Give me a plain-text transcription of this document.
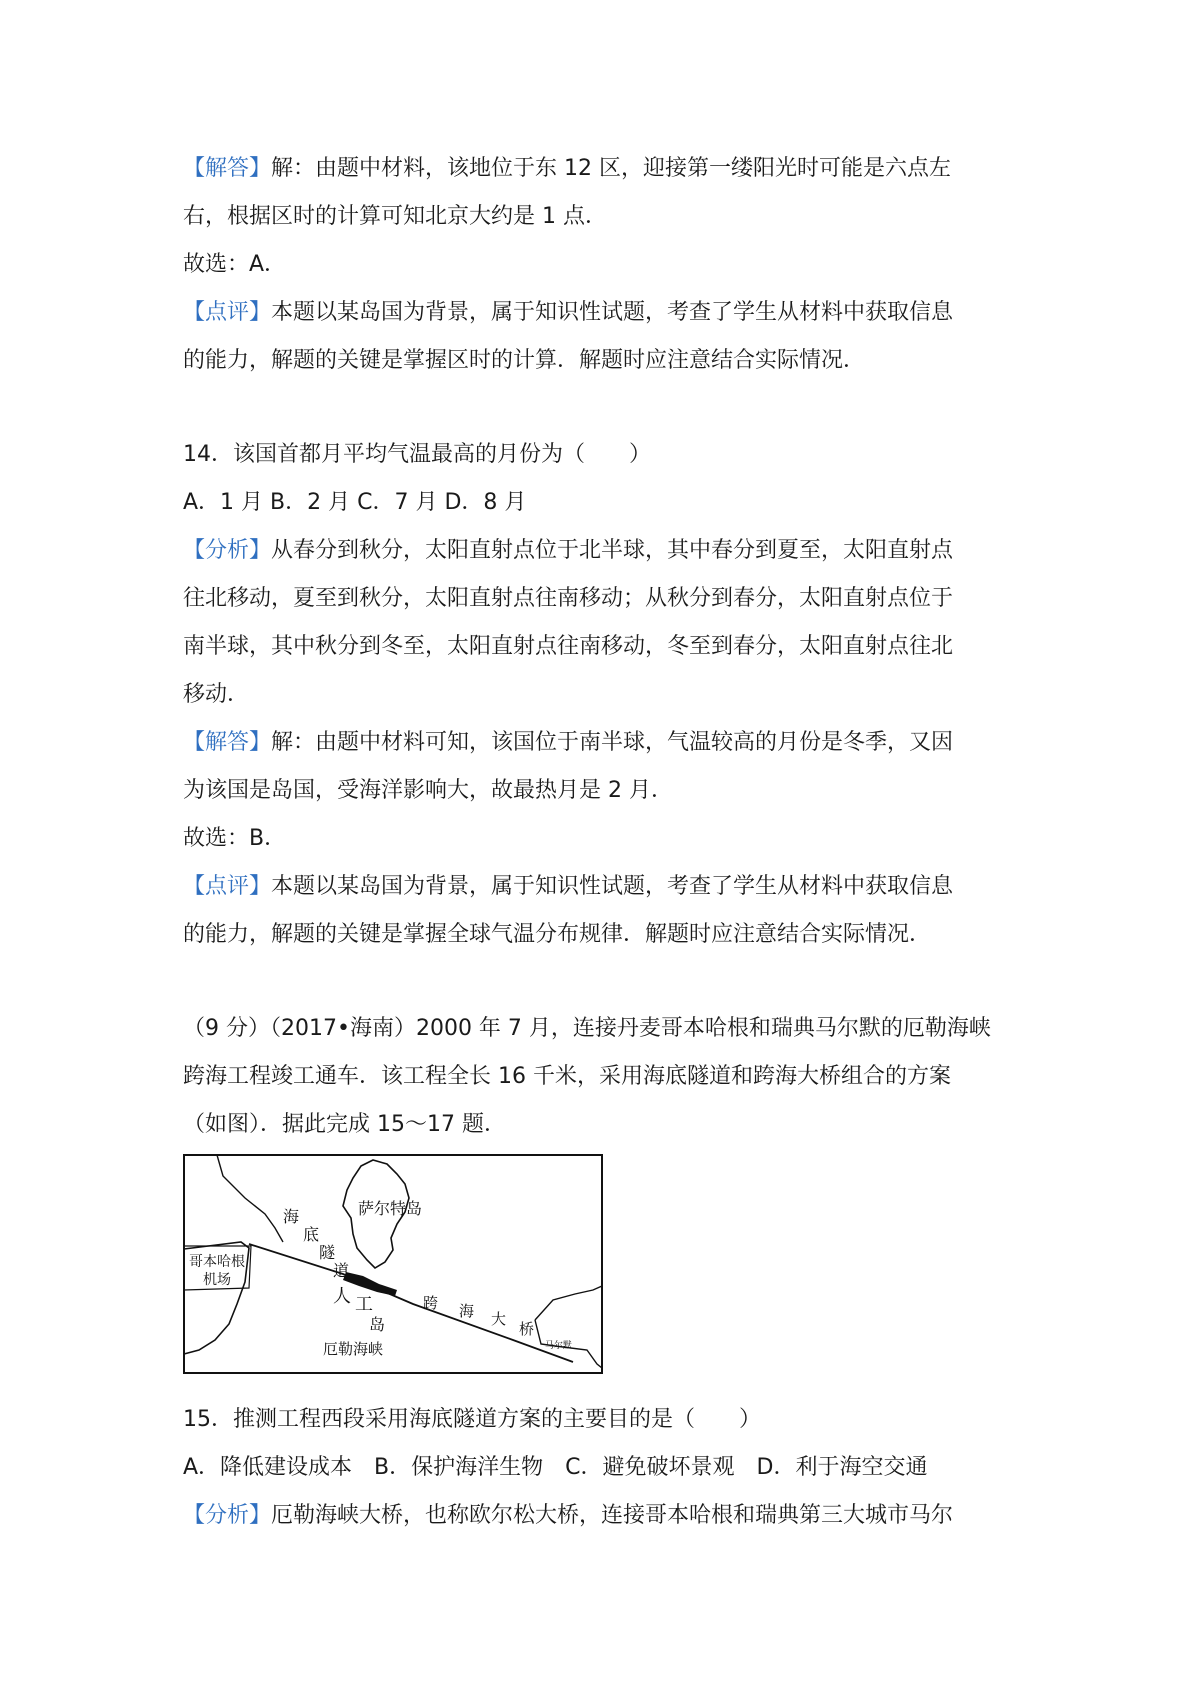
【解答】解：由题中材料，该地位于东 12 区，迎接第一缕阳光时可能是六点左
右，根据区时的计算可知北京大约是 1 点．
故选：A．
【点评】本题以某岛国为背景，属于知识性试题，考查了学生从材料中获取信息
的能力，解题的关键是掌握区时的计算．解题时应注意结合实际情况．
14．该国首都月平均气温最高的月份为（　　）
A．1 月 B．2 月 C．7 月 D．8 月
【分析】从春分到秋分，太阳直射点位于北半球，其中春分到夏至，太阳直射点
往北移动，夏至到秋分，太阳直射点往南移动；从秋分到春分，太阳直射点位于
南半球，其中秋分到冬至，太阳直射点往南移动，冬至到春分，太阳直射点往北
移动．
【解答】解：由题中材料可知，该国位于南半球，气温较高的月份是冬季，又因
为该国是岛国，受海洋影响大，故最热月是 2 月．
故选：B．
【点评】本题以某岛国为背景，属于知识性试题，考查了学生从材料中获取信息
的能力，解题的关键是掌握全球气温分布规律．解题时应注意结合实际情况．
（9 分）（2017•海南）2000 年 7 月，连接丹麦哥本哈根和瑞典马尔默的厄勒海峡
跨海工程竣工通车．该工程全长 16 千米，采用海底隧道和跨海大桥组合的方案
（如图）．据此完成 15～17 题．
萨尔特岛
哥本哈根
机场
海
底
隧
道
人 工
岛
跨 海 大
桥
厄勒海峡	马尔默
15．推测工程西段采用海底隧道方案的主要目的是（　　）
A．降低建设成本　B．保护海洋生物　C．避免破坏景观　D．利于海空交通
【分析】厄勒海峡大桥，也称欧尔松大桥，连接哥本哈根和瑞典第三大城市马尔
